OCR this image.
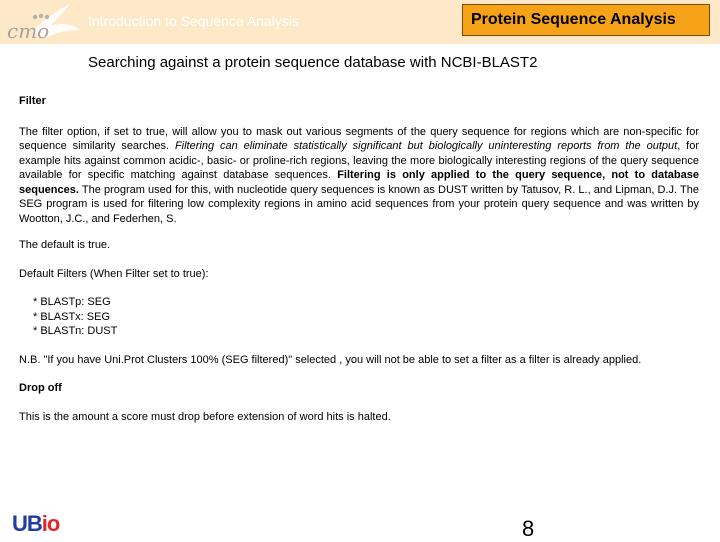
cmo	Introduction to Sequence Analysis	Protein Sequence Analysis
Searching against a protein sequence database with NCBI-BLAST2

Filter

The filter option, if set to true, will allow you to mask out various segments of the query sequence for regions which are non-specific for sequence similarity searches. Filtering can eliminate statistically significant but biologically uninteresting reports from the output, for example hits against common acidic-, basic- or proline-rich regions, leaving the more biologically interesting regions of the query sequence available for specific matching against database sequences. Filtering is only applied to the query sequence, not to database sequences. The program used for this, with nucleotide query sequences is known as DUST written by Tatusov, R. L., and Lipman, D.J. The SEG program is used for filtering low complexity regions in amino acid sequences from your protein query sequence and was written by Wootton, J.C., and Federhen, S.

The default is true.

Default Filters (When Filter set to true):

* BLASTp: SEG

* BLASTx: SEG

* BLASTn: DUST

N.B. "If you have Uni.Prot Clusters 100% (SEG filtered)" selected , you will not be able to set a filter as a filter is already applied.

Drop off

This is the amount a score must drop before extension of word hits is halted.

UBio	8
